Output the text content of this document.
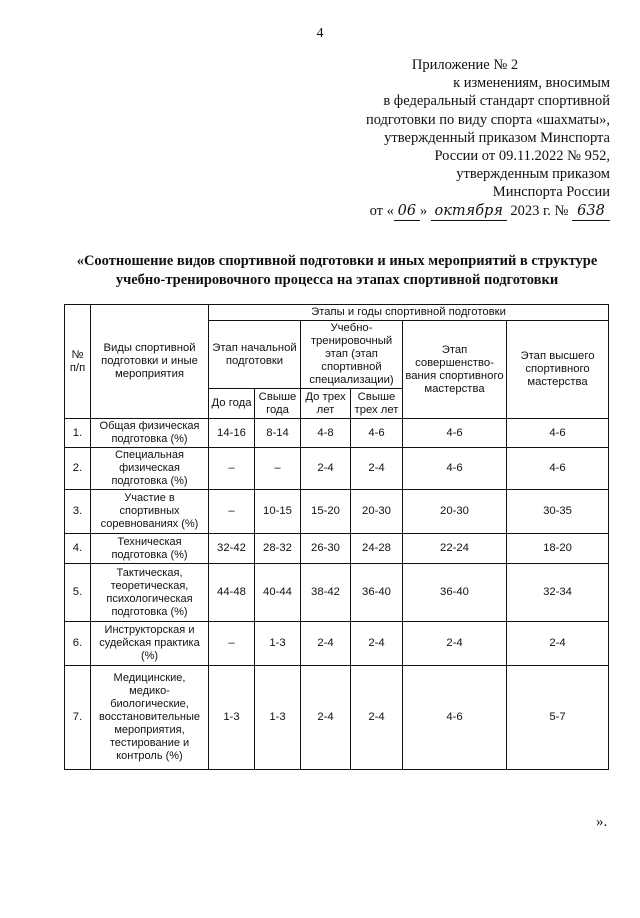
4
Приложение № 2
к изменениям, вносимым
в федеральный стандарт спортивной
подготовки по виду спорта «шахматы»,
утвержденный приказом Минспорта
России от 09.11.2022 № 952,
утвержденным приказом
Минспорта России
от « 06 » октября 2023 г. № 638
«Соотношение видов спортивной подготовки и иных мероприятий в структуре учебно-тренировочного процесса на этапах спортивной подготовки
№ п/п	Виды спортивной подготовки и иные мероприятия	Этапы и годы спортивной подготовки					
		Этап начальной подготовки		Учебно-тренировочный этап (этап спортивной специализации)		Этап совершенство-вания спортивного мастерства	Этап высшего спортивного мастерства
		До года	Свыше года	До трех лет	Свыше трех лет		
1.	Общая физическая подготовка (%)	14-16	8-14	4-8	4-6	4-6	4-6
2.	Специальная физическая подготовка (%)	–	–	2-4	2-4	4-6	4-6
3.	Участие в спортивных соревнованиях (%)	–	10-15	15-20	20-30	20-30	30-35
4.	Техническая подготовка (%)	32-42	28-32	26-30	24-28	22-24	18-20
5.	Тактическая, теоретическая, психологическая подготовка (%)	44-48	40-44	38-42	36-40	36-40	32-34
6.	Инструкторская и судейская практика (%)	–	1-3	2-4	2-4	2-4	2-4
7.	Медицинские, медико-биологические, восстановительные мероприятия, тестирование и контроль (%)	1-3	1-3	2-4	2-4	4-6	5-7
».
